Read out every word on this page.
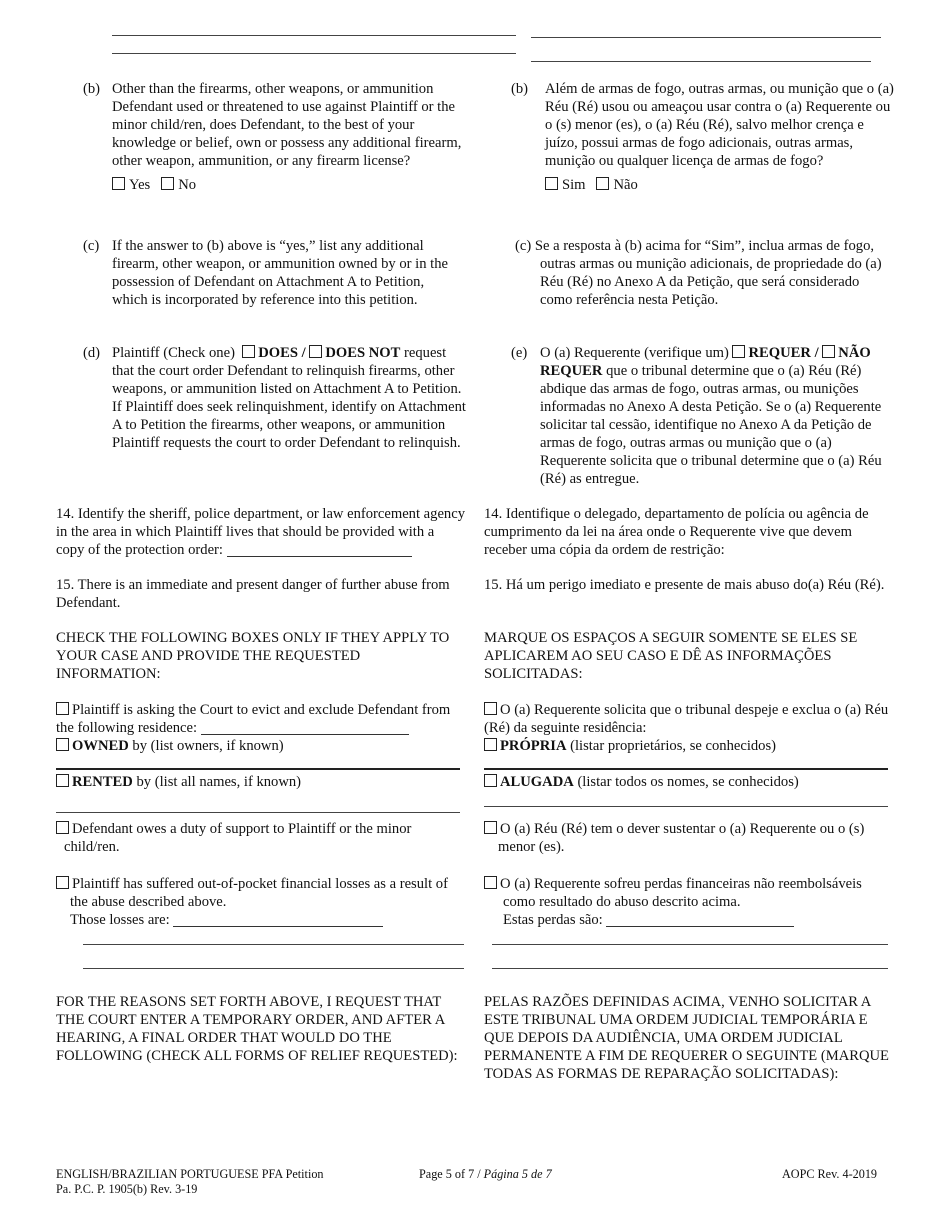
(b) Other than the firearms, other weapons, or ammunition Defendant used or threatened to use against Plaintiff or the minor child/ren, does Defendant, to the best of your knowledge or belief, own or possess any additional firearm, other weapon, ammunition, or any firearm license?

Yes No
(c) If the answer to (b) above is “yes,” list any additional firearm, other weapon, or ammunition owned by or in the possession of Defendant on Attachment A to Petition, which is incorporated by reference into this petition.

(d) Plaintiff (Check one) DOES / DOES NOT request that the court order Defendant to relinquish firearms, other weapons, or ammunition listed on Attachment A to Petition. If Plaintiff does seek relinquishment, identify on Attachment A to Petition the firearms, other weapons, or ammunition Plaintiff requests the court to order Defendant to relinquish.

14. Identify the sheriff, police department, or law enforcement agency in the area in which Plaintiff lives that should be provided with a copy of the protection order:

15. There is an immediate and present danger of further abuse from Defendant.

CHECK THE FOLLOWING BOXES ONLY IF THEY APPLY TO YOUR CASE AND PROVIDE THE REQUESTED INFORMATION:

Plaintiff is asking the Court to evict and exclude Defendant from the following residence:

OWNED by (list owners, if known)

RENTED by (list all names, if known)

Defendant owes a duty of support to Plaintiff or the minor child/ren.

Plaintiff has suffered out-of-pocket financial losses as a result of the abuse described above.

Those losses are:

FOR THE REASONS SET FORTH ABOVE, I REQUEST THAT THE COURT ENTER A TEMPORARY ORDER, AND AFTER A HEARING, A FINAL ORDER THAT WOULD DO THE FOLLOWING (CHECK ALL FORMS OF RELIEF REQUESTED):

(b) Além de armas de fogo, outras armas, ou munição que o (a) Réu (Ré) usou ou ameaçou usar contra o (a) Requerente ou o (s) menor (es), o (a) Réu (Ré), salvo melhor crença e juízo, possui armas de fogo adicionais, outras armas, munição ou qualquer licença de armas de fogo?

Sim Não

(c) Se a resposta à (b) acima for “Sim”, inclua armas de fogo, outras armas ou munição adicionais, de propriedade do (a) Réu (Ré) no Anexo A da Petição, que será considerado como referência nesta Petição.

(e) O (a) Requerente (verifique um) REQUER / NÃO REQUER que o tribunal determine que o (a) Réu (Ré) abdique das armas de fogo, outras armas, ou munições informadas no Anexo A desta Petição. Se o (a) Requerente solicitar tal cessão, identifique no Anexo A da Petição de armas de fogo, outras armas ou munição que o (a) Requerente solicita que o tribunal determine que o (a) Réu (Ré) as entregue.

14. Identifique o delegado, departamento de polícia ou agência de cumprimento da lei na área onde o Requerente vive que devem receber uma cópia da ordem de restrição:

15. Há um perigo imediato e presente de mais abuso do(a) Réu (Ré).

MARQUE OS ESPAÇOS A SEGUIR SOMENTE SE ELES SE APLICAREM AO SEU CASO E DÊ AS INFORMAÇÕES SOLICITADAS:

O (a) Requerente solicita que o tribunal despeje e exclua o (a) Réu (Ré) da seguinte residência:

PRÓPRIA (listar proprietários, se conhecidos)

ALUGADA (listar todos os nomes, se conhecidos)

O (a) Réu (Ré) tem o dever sustentar o (a) Requerente ou o (s) menor (es).

O (a) Requerente sofreu perdas financeiras não reembolsáveis como resultado do abuso descrito acima.

Estas perdas são:

PELAS RAZÕES DEFINIDAS ACIMA, VENHO SOLICITAR A ESTE TRIBUNAL UMA ORDEM JUDICIAL TEMPORÁRIA E QUE DEPOIS DA AUDIÊNCIA, UMA ORDEM JUDICIAL PERMANENTE A FIM DE REQUERER O SEGUINTE (MARQUE TODAS AS FORMAS DE REPARAÇÃO SOLICITADAS):

ENGLISH/BRAZILIAN PORTUGUESE PFA Petition
Pa. P.C. P. 1905(b) Rev. 3-19
Page 5 of 7 / Página 5 de 7	AOPC Rev. 4-2019
